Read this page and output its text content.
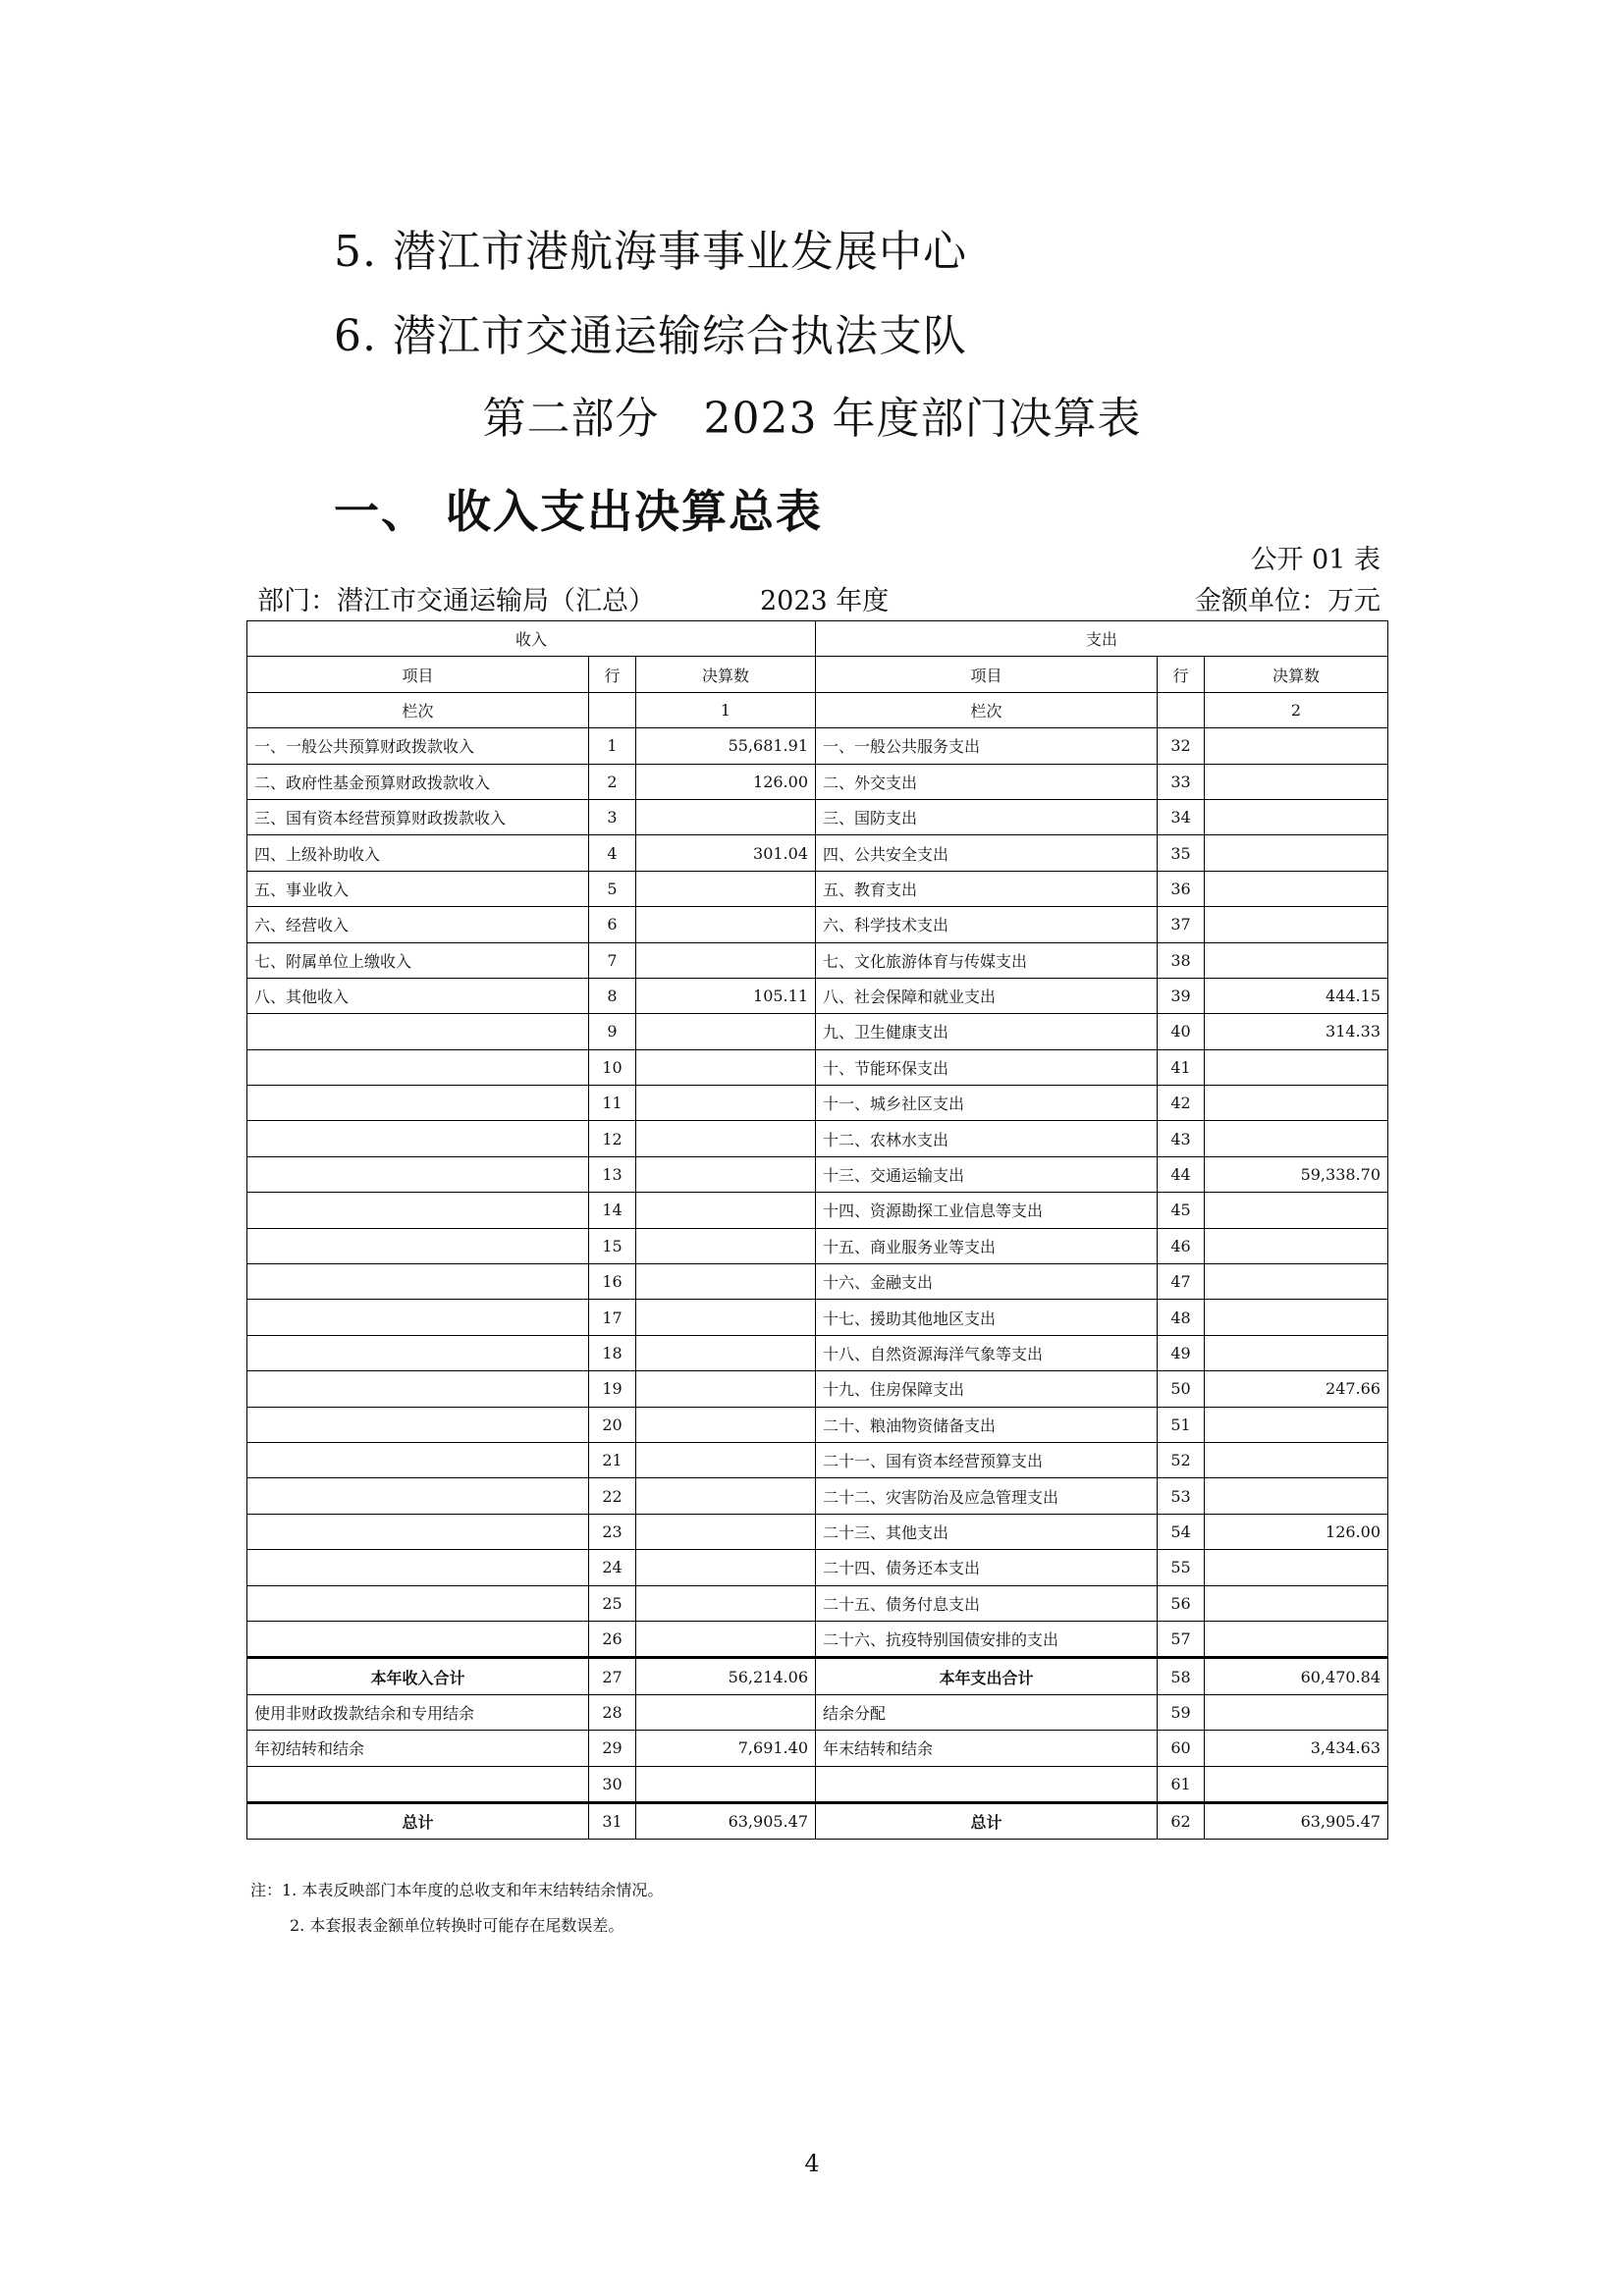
5. 潜江市港航海事事业发展中心
6. 潜江市交通运输综合执法支队
第二部分　2023 年度部门决算表
一、 收入支出决算总表
公开 01 表
部门：潜江市交通运输局（汇总）	2023 年度	金额单位：万元
收入			支出		
项目	行	决算数	项目	行	决算数
栏次		1	栏次		2
一、一般公共预算财政拨款收入	1	55,681.91	一、一般公共服务支出	32	
二、政府性基金预算财政拨款收入	2	126.00	二、外交支出	33	
三、国有资本经营预算财政拨款收入	3		三、国防支出	34	
四、上级补助收入	4	301.04	四、公共安全支出	35	
五、事业收入	5		五、教育支出	36	
六、经营收入	6		六、科学技术支出	37	
七、附属单位上缴收入	7		七、文化旅游体育与传媒支出	38	
八、其他收入	8	105.11	八、社会保障和就业支出	39	444.15
	9		九、卫生健康支出	40	314.33
	10		十、节能环保支出	41	
	11		十一、城乡社区支出	42	
	12		十二、农林水支出	43	
	13		十三、交通运输支出	44	59,338.70
	14		十四、资源勘探工业信息等支出	45	
	15		十五、商业服务业等支出	46	
	16		十六、金融支出	47	
	17		十七、援助其他地区支出	48	
	18		十八、自然资源海洋气象等支出	49	
	19		十九、住房保障支出	50	247.66
	20		二十、粮油物资储备支出	51	
	21		二十一、国有资本经营预算支出	52	
	22		二十二、灾害防治及应急管理支出	53	
	23		二十三、其他支出	54	126.00
	24		二十四、债务还本支出	55	
	25		二十五、债务付息支出	56	
	26		二十六、抗疫特别国债安排的支出	57	
本年收入合计	27	56,214.06	本年支出合计	58	60,470.84
使用非财政拨款结余和专用结余	28		结余分配	59	
年初结转和结余	29	7,691.40	年末结转和结余	60	3,434.63
	30			61	
总计	31	63,905.47	总计	62	63,905.47
注：1. 本表反映部门本年度的总收支和年末结转结余情况。
2. 本套报表金额单位转换时可能存在尾数误差。
4
